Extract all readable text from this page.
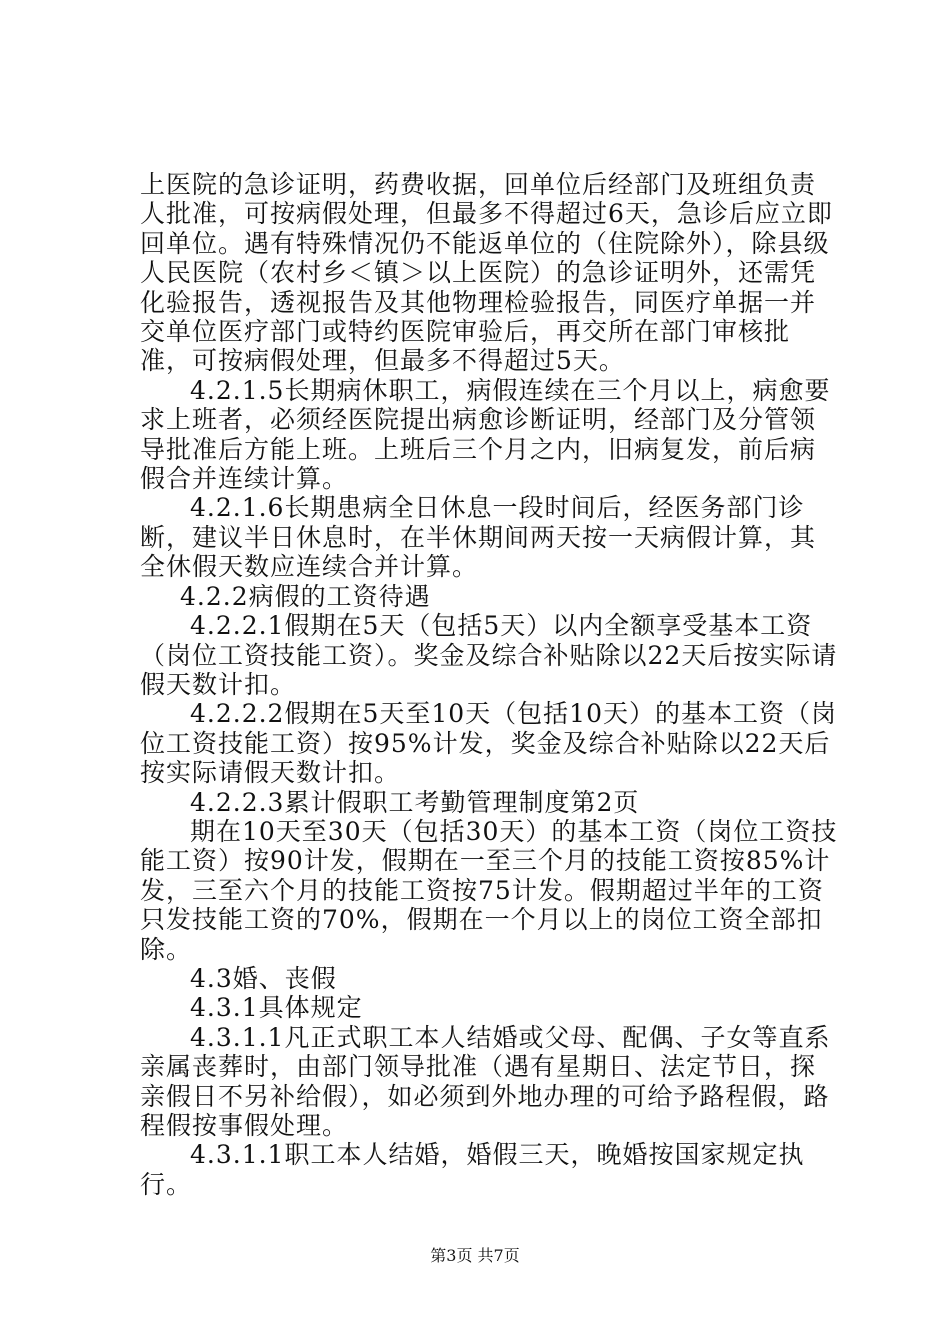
上医院的急诊证明，药费收据，回单位后经部门及班组负责人批准，可按病假处理，但最多不得超过6天，急诊后应立即回单位。遇有特殊情况仍不能返单位的（住院除外），除县级人民医院（农村乡＜镇＞以上医院）的急诊证明外，还需凭化验报告，透视报告及其他物理检验报告，同医疗单据一并交单位医疗部门或特约医院审验后，再交所在部门审核批准，可按病假处理，但最多不得超过5天。

4.2.1.5长期病休职工，病假连续在三个月以上，病愈要求上班者，必须经医院提出病愈诊断证明，经部门及分管领导批准后方能上班。上班后三个月之内，旧病复发，前后病假合并连续计算。

4.2.1.6长期患病全日休息一段时间后，经医务部门诊断，建议半日休息时，在半休期间两天按一天病假计算，其全休假天数应连续合并计算。

4.2.2病假的工资待遇

4.2.2.1假期在5天（包括5天）以内全额享受基本工资（岗位工资技能工资）。奖金及综合补贴除以22天后按实际请假天数计扣。

4.2.2.2假期在5天至10天（包括10天）的基本工资（岗位工资技能工资）按95%计发，奖金及综合补贴除以22天后按实际请假天数计扣。

4.2.2.3累计假职工考勤管理制度第2页

期在10天至30天（包括30天）的基本工资（岗位工资技能工资）按90计发，假期在一至三个月的技能工资按85%计发，三至六个月的技能工资按75计发。假期超过半年的工资只发技能工资的70%，假期在一个月以上的岗位工资全部扣除。

4.3婚、丧假

4.3.1具体规定

4.3.1.1凡正式职工本人结婚或父母、配偶、子女等直系亲属丧葬时，由部门领导批准（遇有星期日、法定节日，探亲假日不另补给假），如必须到外地办理的可给予路程假，路程假按事假处理。

4.3.1.1职工本人结婚，婚假三天，晚婚按国家规定执行。

第3页 共7页
